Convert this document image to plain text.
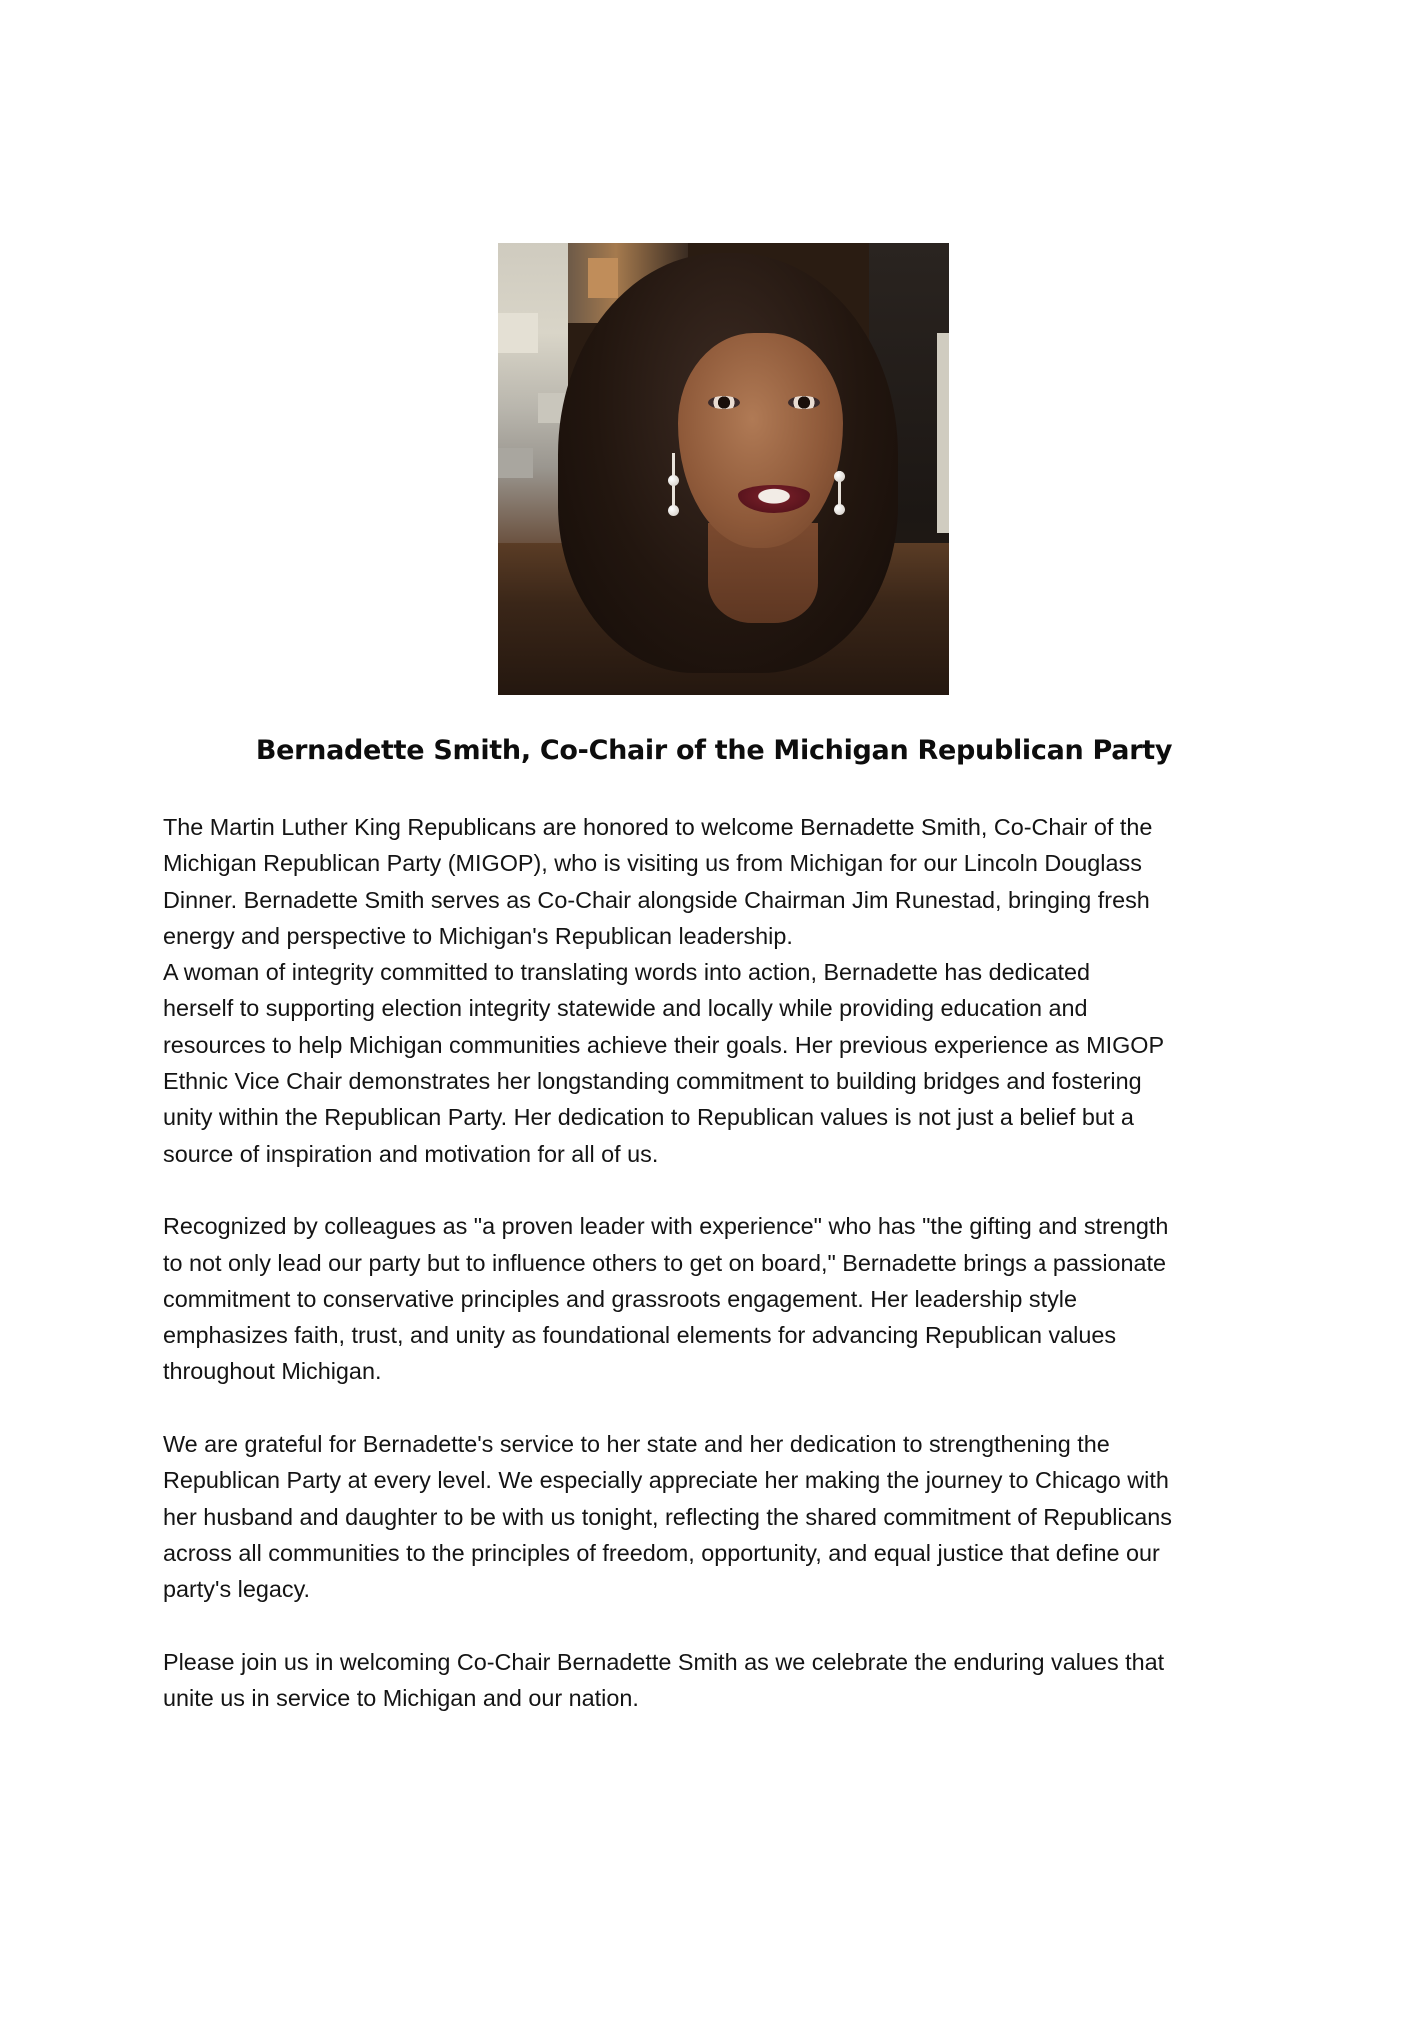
Bernadette Smith, Co-Chair of the Michigan Republican Party

The Martin Luther King Republicans are honored to welcome Bernadette Smith, Co-Chair of the
Michigan Republican Party (MIGOP), who is visiting us from Michigan for our Lincoln Douglass
Dinner. Bernadette Smith serves as Co-Chair alongside Chairman Jim Runestad, bringing fresh
energy and perspective to Michigan's Republican leadership.
A woman of integrity committed to translating words into action, Bernadette has dedicated
herself to supporting election integrity statewide and locally while providing education and
resources to help Michigan communities achieve their goals. Her previous experience as MIGOP
Ethnic Vice Chair demonstrates her longstanding commitment to building bridges and fostering
unity within the Republican Party. Her dedication to Republican values is not just a belief but a
source of inspiration and motivation for all of us.

Recognized by colleagues as "a proven leader with experience" who has "the gifting and strength
to not only lead our party but to influence others to get on board," Bernadette brings a passionate
commitment to conservative principles and grassroots engagement. Her leadership style
emphasizes faith, trust, and unity as foundational elements for advancing Republican values
throughout Michigan.

We are grateful for Bernadette's service to her state and her dedication to strengthening the
Republican Party at every level. We especially appreciate her making the journey to Chicago with
her husband and daughter to be with us tonight, reflecting the shared commitment of Republicans
across all communities to the principles of freedom, opportunity, and equal justice that define our
party's legacy.

Please join us in welcoming Co-Chair Bernadette Smith as we celebrate the enduring values that
unite us in service to Michigan and our nation.
